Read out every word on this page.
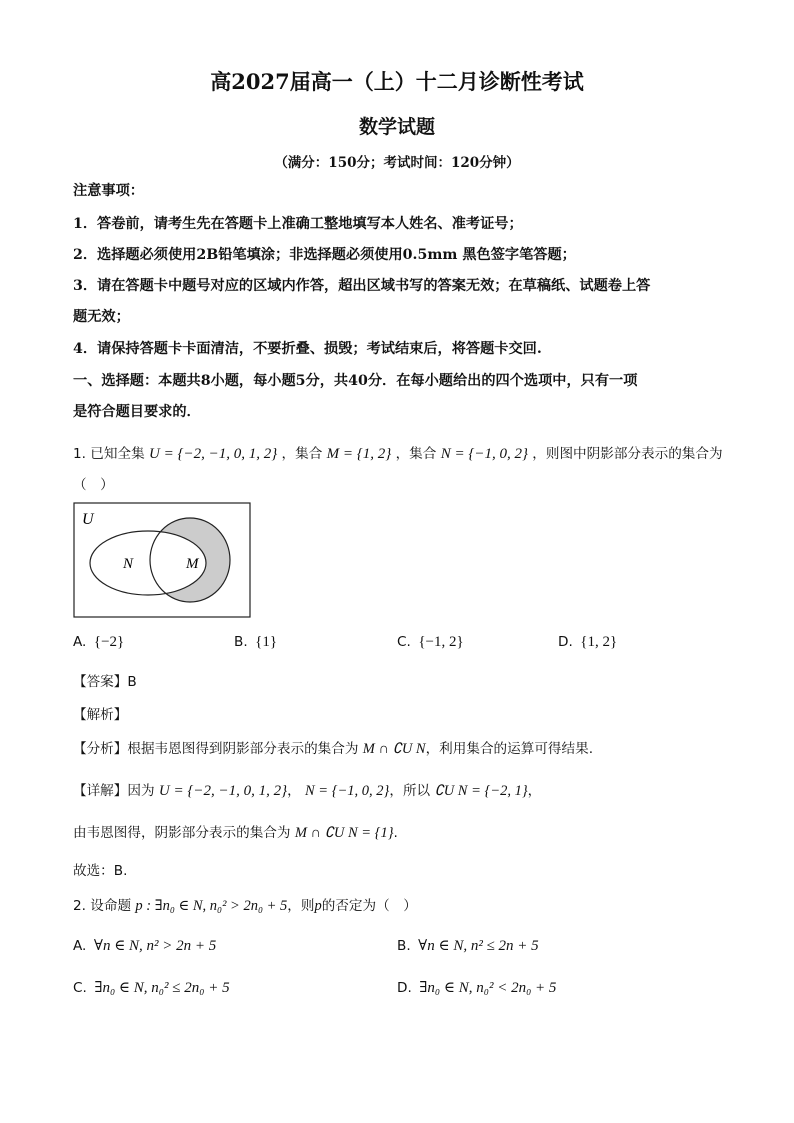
高2027届高一（上）十二月诊断性考试
数学试题
（满分：150分；考试时间：120分钟）
注意事项：
1．答卷前，请考生先在答题卡上准确工整地填写本人姓名、准考证号；
2．选择题必须使用2B铅笔填涂；非选择题必须使用0.5mm 黑色签字笔答题；
3．请在答题卡中题号对应的区域内作答，超出区域书写的答案无效；在草稿纸、试题卷上答
题无效；
4．请保持答题卡卡面清洁，不要折叠、损毁；考试结束后，将答题卡交回.
一、选择题：本题共8小题，每小题5分，共40分．在每小题给出的四个选项中，只有一项
是符合题目要求的．
1. 已知全集 U = {−2, −1, 0, 1, 2} ，集合 M = {1, 2} ，集合 N = {−1, 0, 2} ，则图中阴影部分表示的集合为
（　）
U
N	M
A. {−2}	B. {1}	C. {−1, 2}	D. {1, 2}
【答案】B
【解析】
【分析】根据韦恩图得到阴影部分表示的集合为 M ∩ ∁U N，利用集合的运算可得结果.
【详解】因为 U = {−2, −1, 0, 1, 2}， N = {−1, 0, 2}，所以 ∁U N = {−2, 1}，
由韦恩图得，阴影部分表示的集合为 M ∩ ∁U N = {1}.
故选：B.
2. 设命题 p : ∃n₀ ∈ N, n₀² > 2n₀ + 5，则p的否定为（　）
A. ∀n ∈ N, n² > 2n + 5	B. ∀n ∈ N, n² ≤ 2n + 5
C. ∃n₀ ∈ N, n₀² ≤ 2n₀ + 5	D. ∃n₀ ∈ N, n₀² < 2n₀ + 5
